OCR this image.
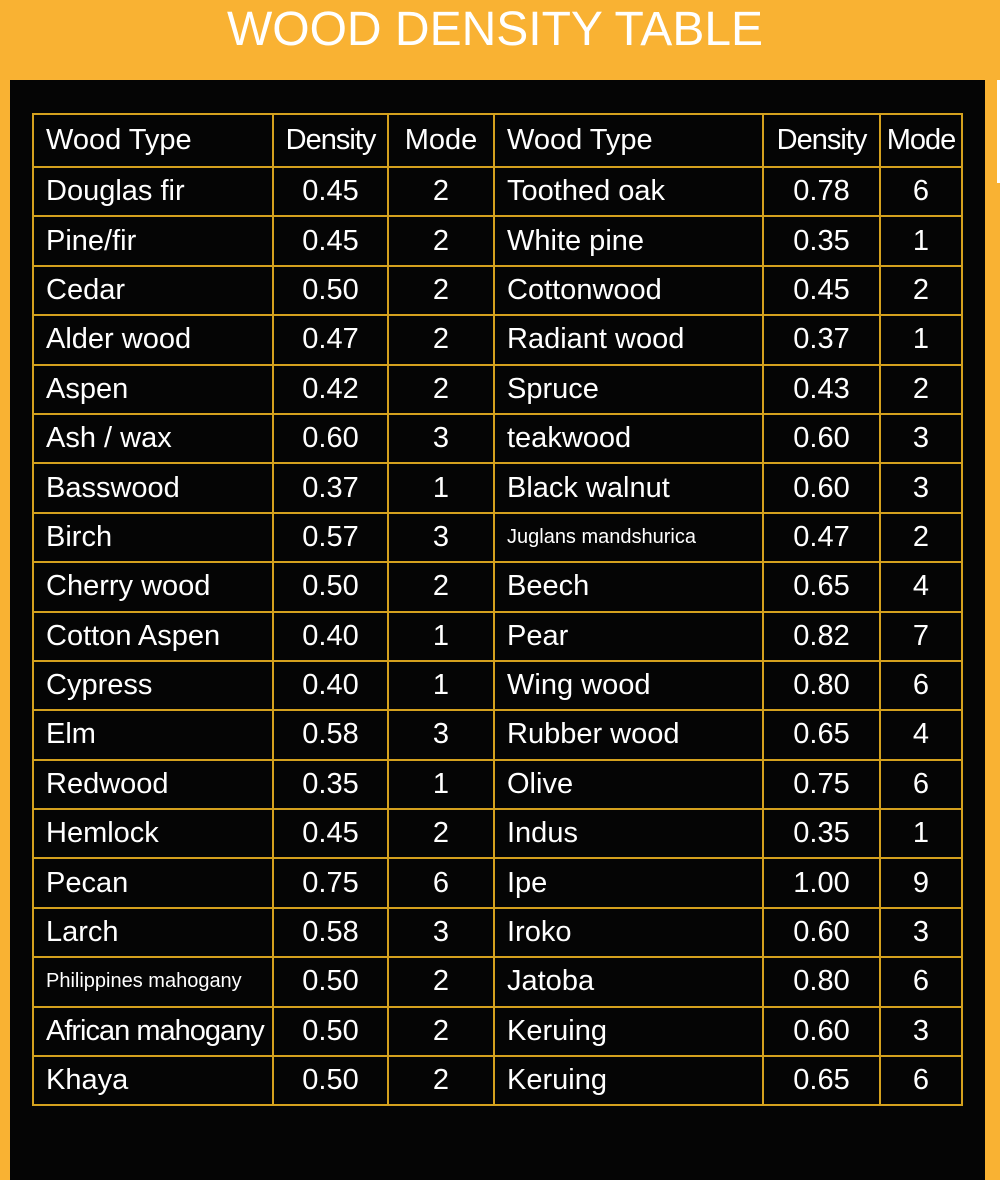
WOOD DENSITY TABLE
Wood Type	Density	Mode	Wood Type	Density	Mode
Douglas fir	0.45	2	Toothed oak	0.78	6
Pine/fir	0.45	2	White pine	0.35	1
Cedar	0.50	2	Cottonwood	0.45	2
Alder wood	0.47	2	Radiant wood	0.37	1
Aspen	0.42	2	Spruce	0.43	2
Ash / wax	0.60	3	teakwood	0.60	3
Basswood	0.37	1	Black walnut	0.60	3
Birch	0.57	3	Juglans mandshurica	0.47	2
Cherry wood	0.50	2	Beech	0.65	4
Cotton Aspen	0.40	1	Pear	0.82	7
Cypress	0.40	1	Wing wood	0.80	6
Elm	0.58	3	Rubber wood	0.65	4
Redwood	0.35	1	Olive	0.75	6
Hemlock	0.45	2	Indus	0.35	1
Pecan	0.75	6	Ipe	1.00	9
Larch	0.58	3	Iroko	0.60	3
Philippines mahogany	0.50	2	Jatoba	0.80	6
African mahogany	0.50	2	Keruing	0.60	3
Khaya	0.50	2	Keruing	0.65	6
